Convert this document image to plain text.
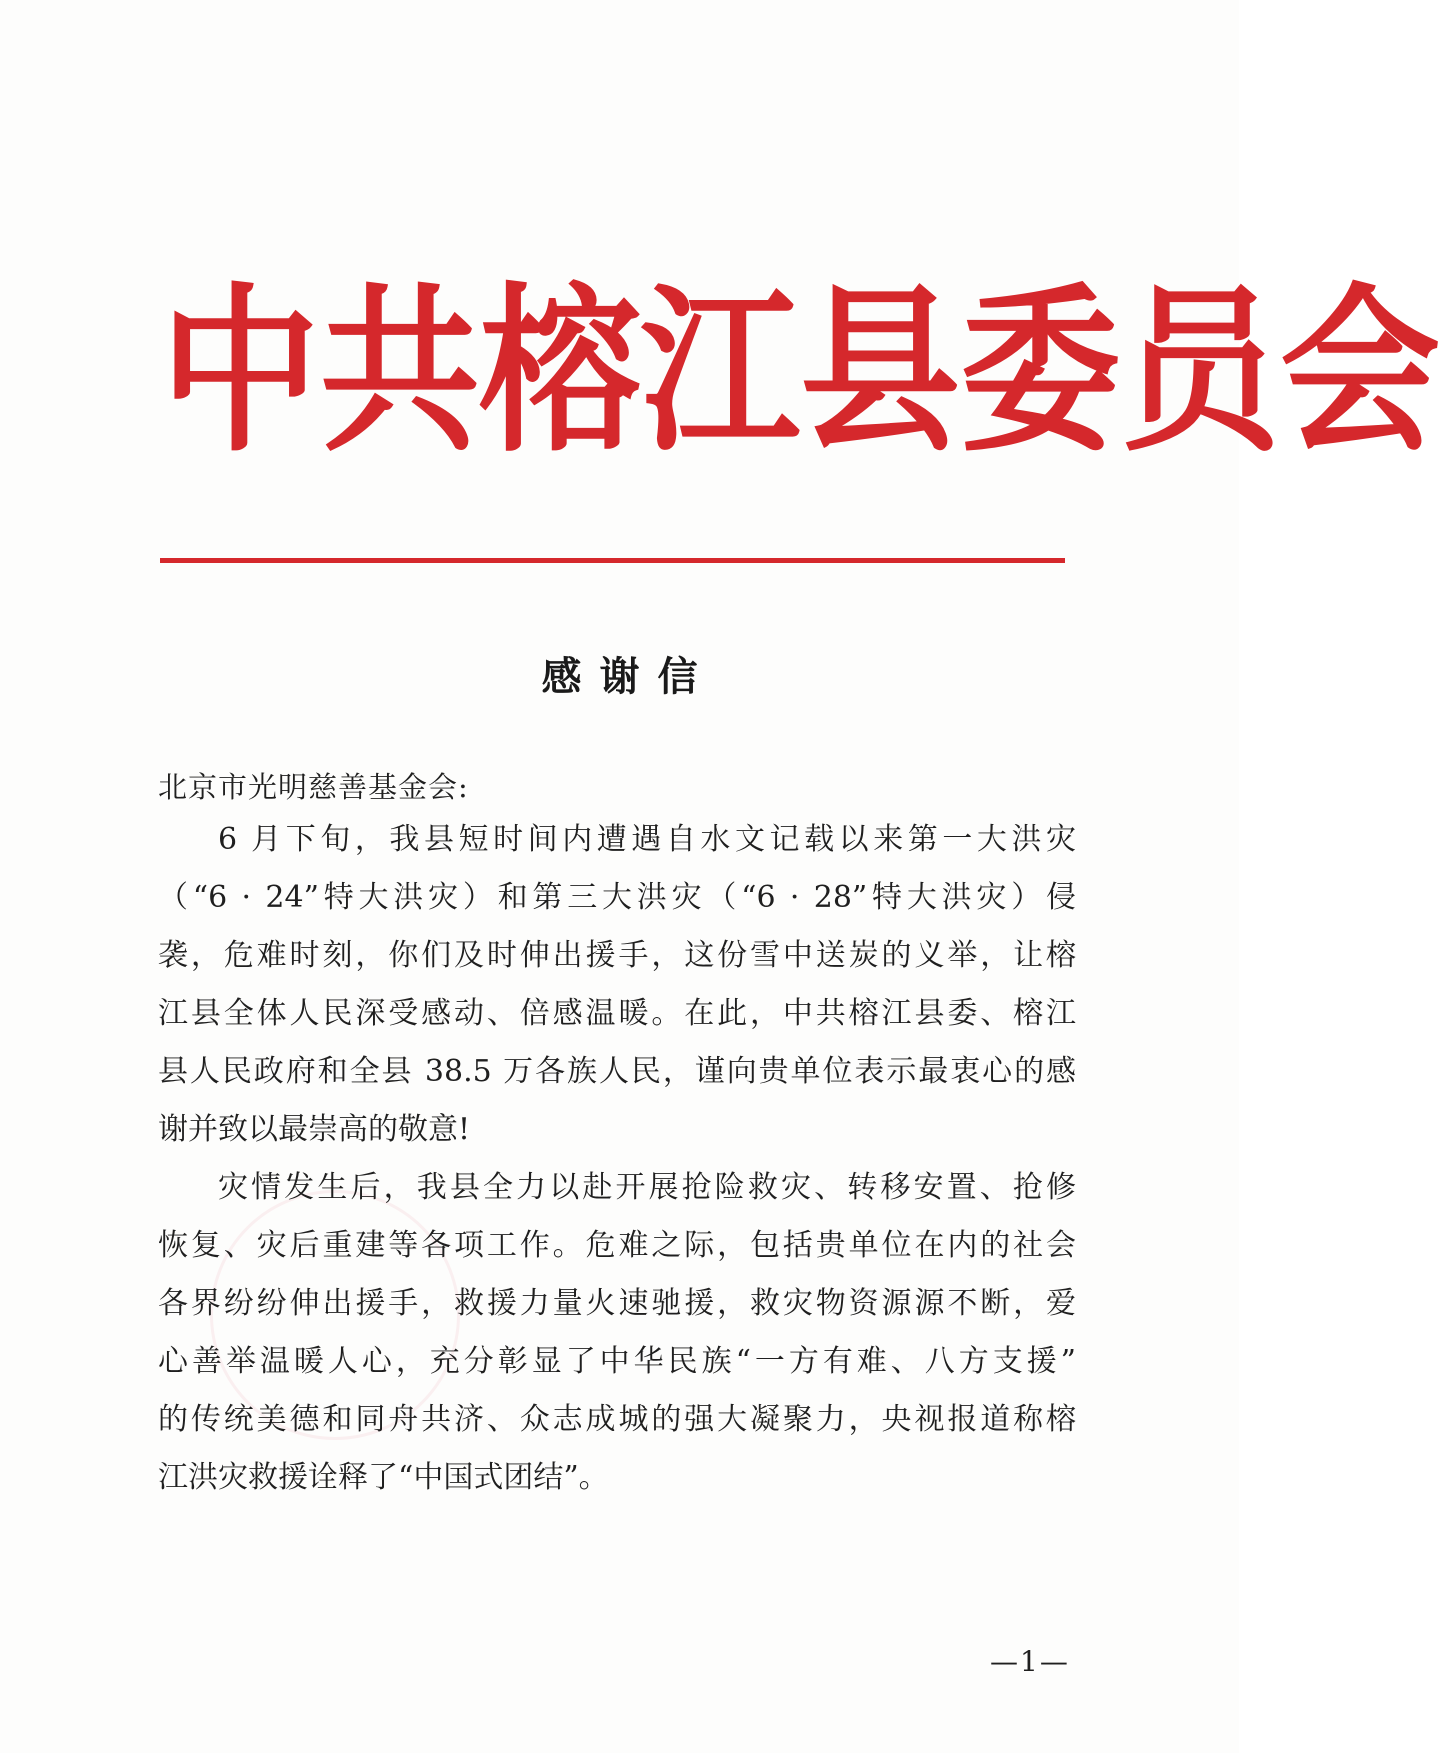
中 共 榕 江 县 委 员 会
感谢信
北京市光明慈善基金会:
6 月下旬，我县短时间内遭遇自水文记载以来第一大洪灾
（“6 · 24”特大洪灾）和第三大洪灾（“6 · 28”特大洪灾）侵
袭，危难时刻，你们及时伸出援手，这份雪中送炭的义举，让榕
江县全体人民深受感动、倍感温暖。在此，中共榕江县委、榕江
县人民政府和全县 38.5 万各族人民，谨向贵单位表示最衷心的感
谢并致以最崇高的敬意!
灾情发生后，我县全力以赴开展抢险救灾、转移安置、抢修
恢复、灾后重建等各项工作。危难之际，包括贵单位在内的社会
各界纷纷伸出援手，救援力量火速驰援，救灾物资源源不断，爱
心善举温暖人心，充分彰显了中华民族“一方有难、八方支援”
的传统美德和同舟共济、众志成城的强大凝聚力，央视报道称榕
江洪灾救援诠释了“中国式团结”。
—1—
